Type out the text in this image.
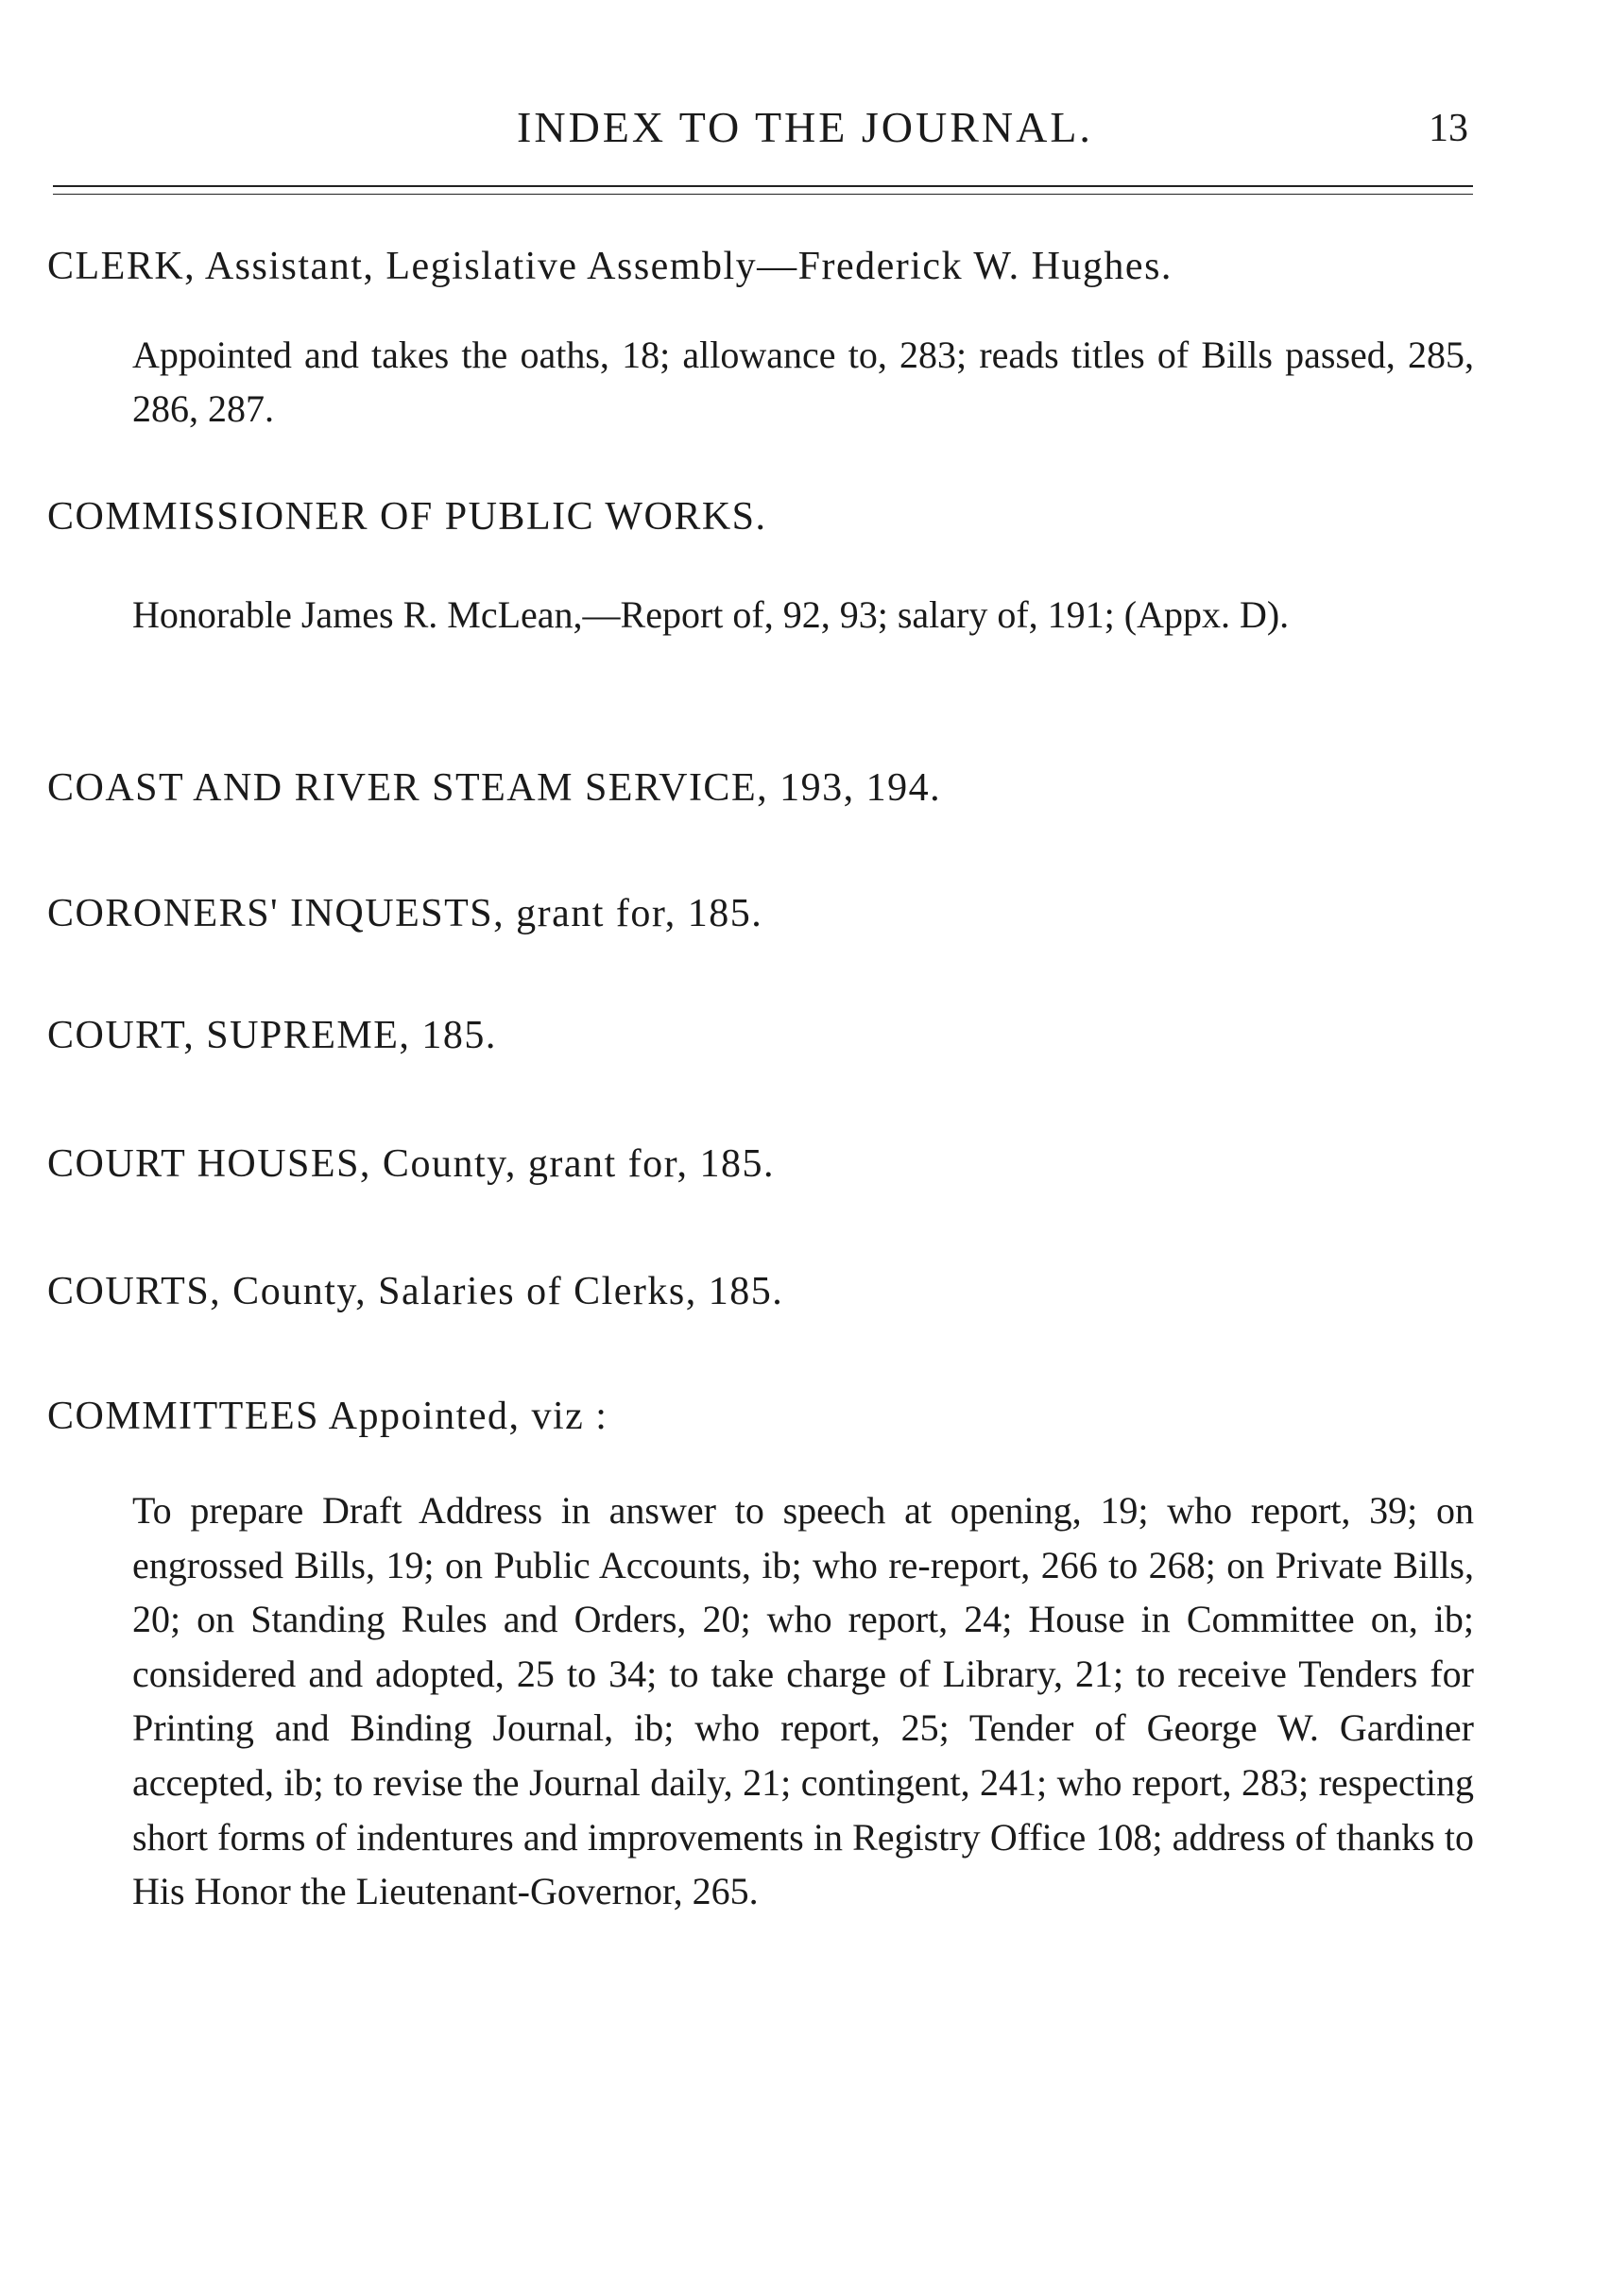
INDEX TO THE JOURNAL.	13
CLERK, Assistant, Legislative Assembly—Frederick W. Hughes.
Appointed and takes the oaths, 18; allowance to, 283; reads titles of Bills passed, 285, 286, 287.
COMMISSIONER OF PUBLIC WORKS.
Honorable James R. McLean,—Report of, 92, 93; salary of, 191; (Appx. D).
COAST AND RIVER STEAM SERVICE, 193, 194.
CORONERS' INQUESTS, grant for, 185.
COURT, SUPREME, 185.
COURT HOUSES, County, grant for, 185.
COURTS, County, Salaries of Clerks, 185.
COMMITTEES Appointed, viz :
To prepare Draft Address in answer to speech at opening, 19; who report, 39; on engrossed Bills, 19; on Public Accounts, ib; who re-report, 266 to 268; on Private Bills, 20; on Standing Rules and Orders, 20; who report, 24; House in Committee on, ib; considered and adopted, 25 to 34; to take charge of Library, 21; to receive Tenders for Printing and Binding Journal, ib; who report, 25; Tender of George W. Gardiner accepted, ib; to revise the Journal daily, 21; contingent, 241; who report, 283; respecting short forms of indentures and improvements in Registry Office 108; address of thanks to His Honor the Lieutenant-Governor, 265.
